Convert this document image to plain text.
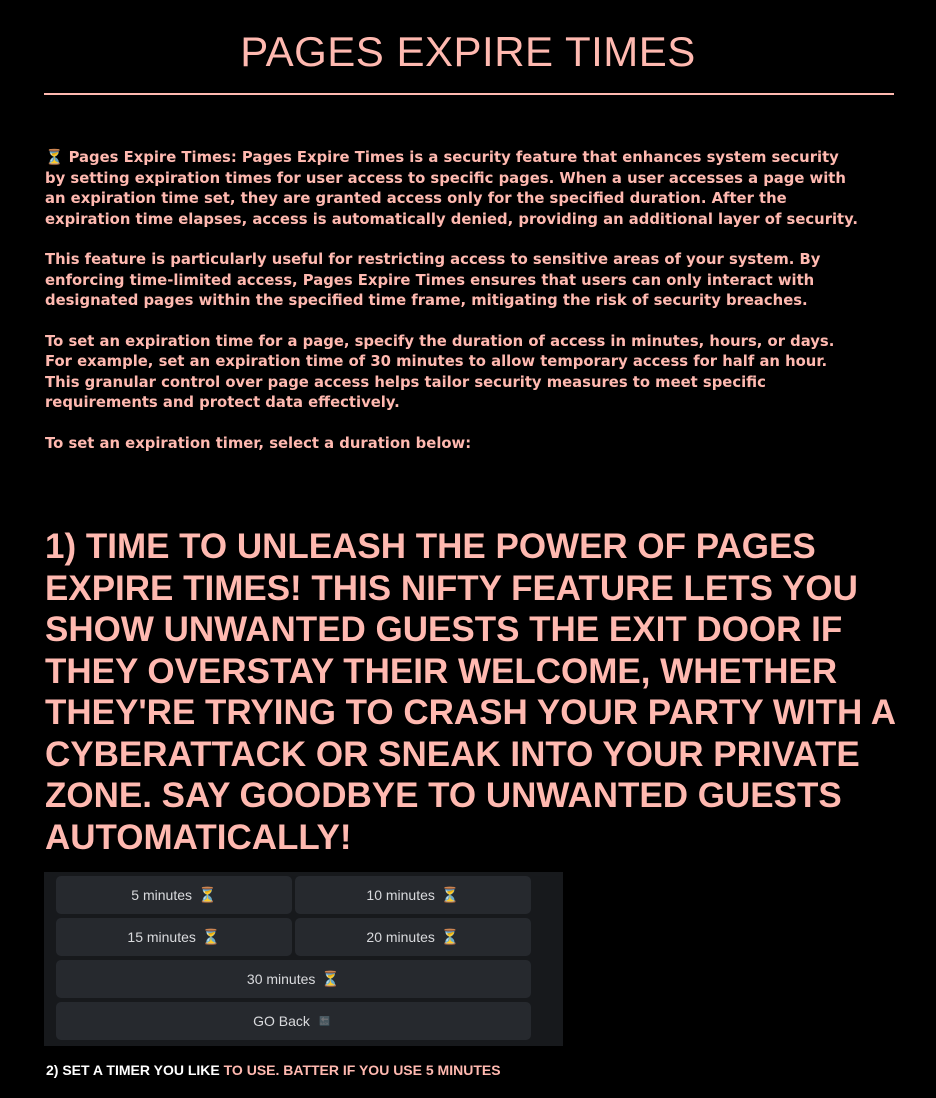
PAGES EXPIRE TIMES

⏳ Pages Expire Times: Pages Expire Times is a security feature that enhances system security
by setting expiration times for user access to specific pages. When a user accesses a page with
an expiration time set, they are granted access only for the specified duration. After the
expiration time elapses, access is automatically denied, providing an additional layer of security.

This feature is particularly useful for restricting access to sensitive areas of your system. By
enforcing time-limited access, Pages Expire Times ensures that users can only interact with
designated pages within the specified time frame, mitigating the risk of security breaches.

To set an expiration time for a page, specify the duration of access in minutes, hours, or days.
For example, set an expiration time of 30 minutes to allow temporary access for half an hour.
This granular control over page access helps tailor security measures to meet specific
requirements and protect data effectively.

To set an expiration timer, select a duration below:

1) TIME TO UNLEASH THE POWER OF PAGES
EXPIRE TIMES! THIS NIFTY FEATURE LETS YOU
SHOW UNWANTED GUESTS THE EXIT DOOR IF
THEY OVERSTAY THEIR WELCOME, WHETHER
THEY'RE TRYING TO CRASH YOUR PARTY WITH A
CYBERATTACK OR SNEAK INTO YOUR PRIVATE
ZONE. SAY GOODBYE TO UNWANTED GUESTS
AUTOMATICALLY!
5 minutes ⏳	10 minutes ⏳
15 minutes ⏳	20 minutes ⏳
30 minutes ⏳
GO Back	🔙

2) SET A TIMER YOU LIKE TO USE. BATTER IF YOU USE 5 MINUTES
